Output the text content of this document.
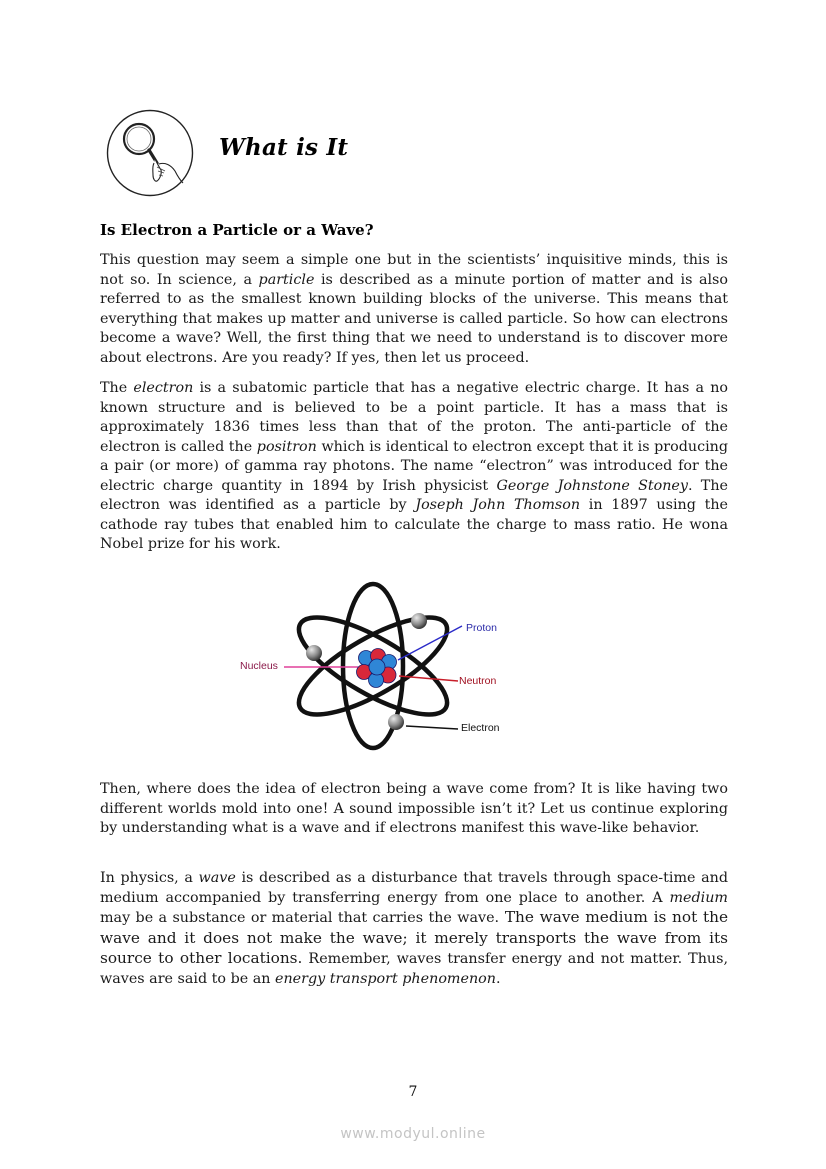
What is It
Is Electron a Particle or a Wave?
This question may seem a simple one but in the scientists’ inquisitive minds, this is not so. In science, a particle is described as a minute portion of matter and is also referred to as the smallest known building blocks of the universe. This means that everything that makes up matter and universe is called particle. So how can electrons become a wave? Well, the first thing that we need to understand is to discover more about electrons. Are you ready? If yes, then let us proceed.
The electron is a subatomic particle that has a negative electric charge. It has a no known structure and is believed to be a point particle. It has a mass that is approximately 1836 times less than that of the proton. The anti-particle of the electron is called the positron which is identical to electron except that it is producing a pair (or more) of gamma ray photons. The name “electron” was introduced for the electric charge quantity in 1894 by Irish physicist George Johnstone Stoney. The electron was identified as a particle by Joseph John Thomson in 1897 using the cathode ray tubes that enabled him to calculate the charge to mass ratio. He wona Nobel prize for his work.
Nucleus
Proton
Neutron
Electron
Then, where does the idea of electron being a wave come from? It is like having two different worlds mold into one! A sound impossible isn’t it? Let us continue exploring by understanding what is a wave and if electrons manifest this wave-like behavior.
In physics, a wave is described as a disturbance that travels through space-time and medium accompanied by transferring energy from one place to another. A medium may be a substance or material that carries the wave. The wave medium is not the wave and it does not make the wave; it merely transports the wave from its source to other locations. Remember, waves transfer energy and not matter. Thus, waves are said to be an energy transport phenomenon.
7
www.modyul.online
